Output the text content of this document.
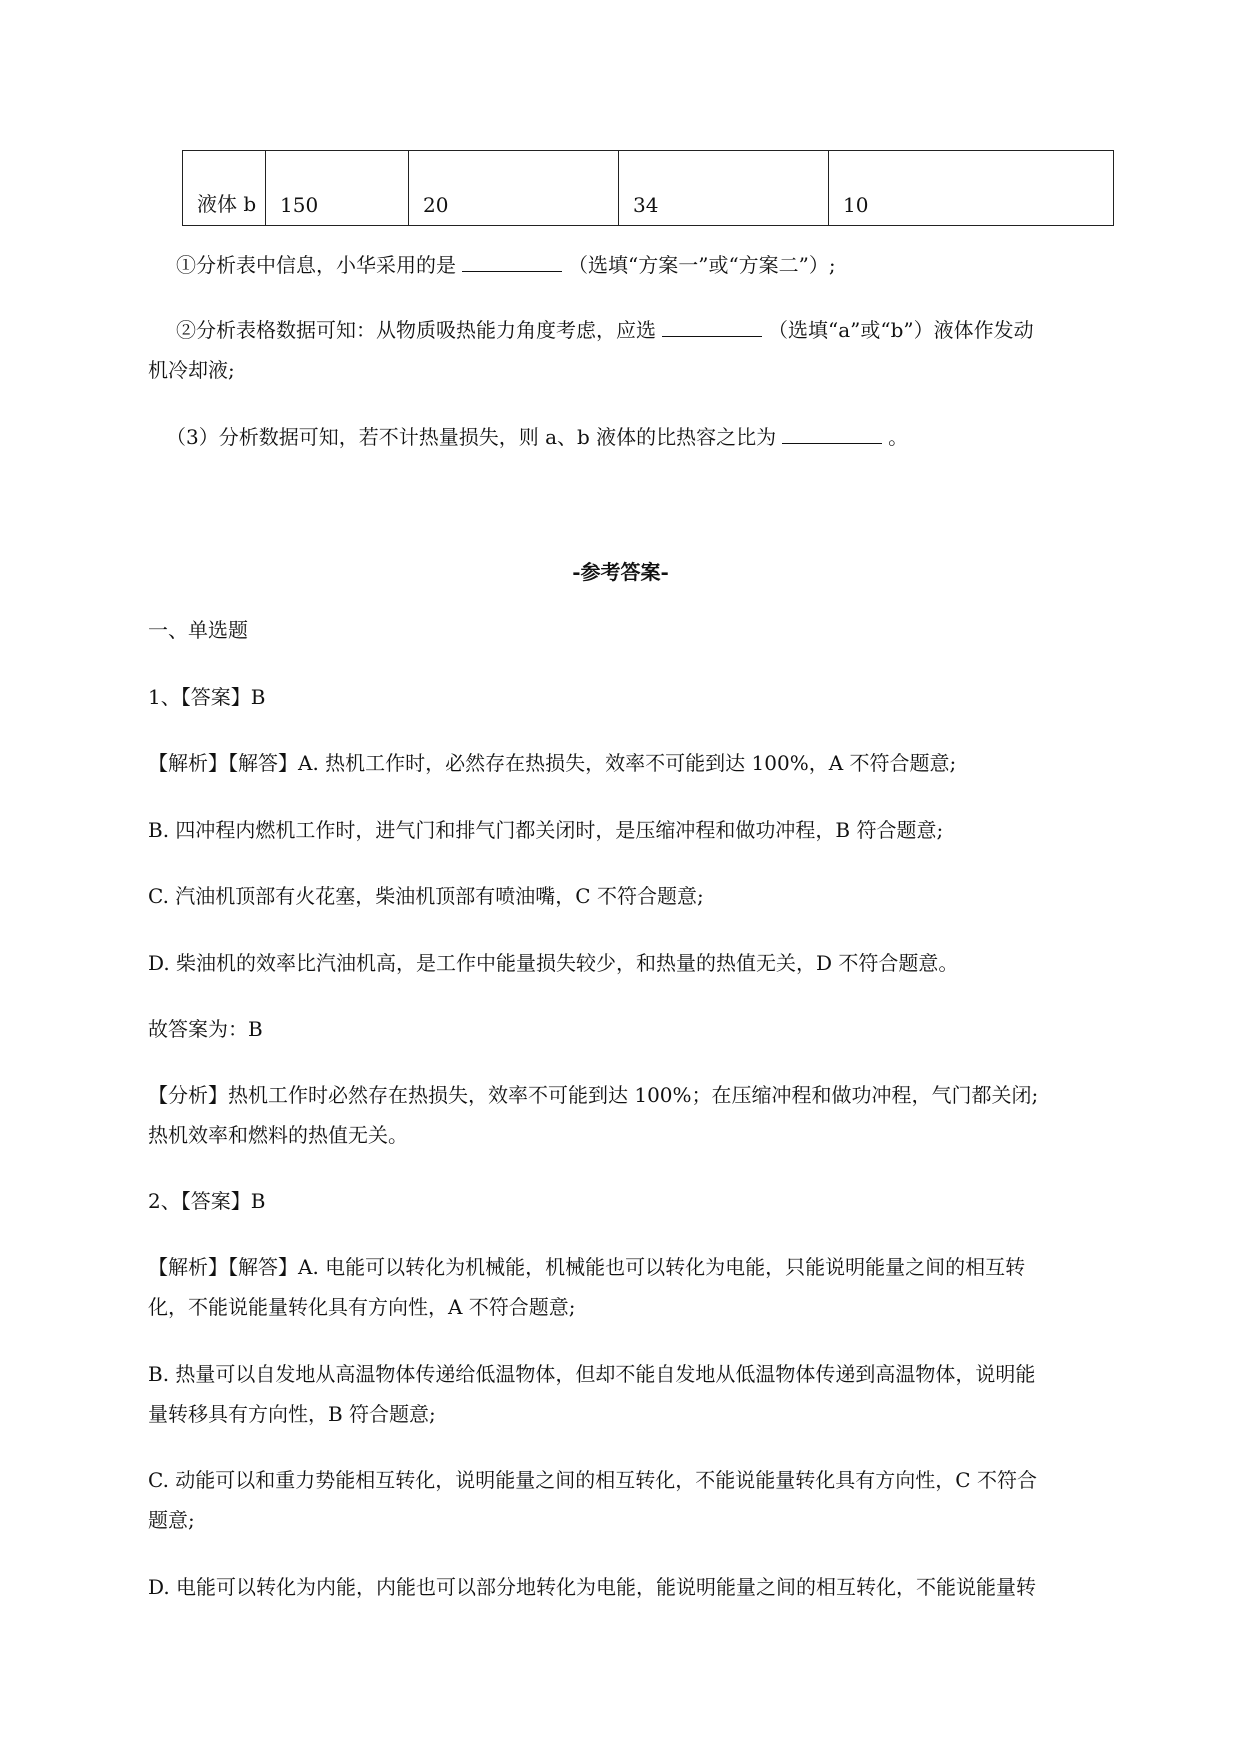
液体 b	150	20	34	10
①分析表中信息，小华采用的是	（选填“方案一”或“方案二”）;
②分析表格数据可知：从物质吸热能力角度考虑，应选	（选填“a”或“b”）液体作发动
机冷却液;
（3）分析数据可知，若不计热量损失，则 a、b 液体的比热容之比为	。
-参考答案-
一、单选题
1、【答案】B
【解析】【解答】A. 热机工作时，必然存在热损失，效率不可能到达 100%，A 不符合题意;
B. 四冲程内燃机工作时，进气门和排气门都关闭时，是压缩冲程和做功冲程，B 符合题意;
C. 汽油机顶部有火花塞，柴油机顶部有喷油嘴，C 不符合题意;
D. 柴油机的效率比汽油机高，是工作中能量损失较少，和热量的热值无关，D 不符合题意。
故答案为：B
【分析】热机工作时必然存在热损失，效率不可能到达 100%；在压缩冲程和做功冲程，气门都关闭;
热机效率和燃料的热值无关。
2、【答案】B
【解析】【解答】A. 电能可以转化为机械能，机械能也可以转化为电能，只能说明能量之间的相互转
化，不能说能量转化具有方向性，A 不符合题意;
B. 热量可以自发地从高温物体传递给低温物体，但却不能自发地从低温物体传递到高温物体，说明能
量转移具有方向性，B 符合题意;
C. 动能可以和重力势能相互转化，说明能量之间的相互转化，不能说能量转化具有方向性，C 不符合
题意;
D. 电能可以转化为内能，内能也可以部分地转化为电能，能说明能量之间的相互转化，不能说能量转
